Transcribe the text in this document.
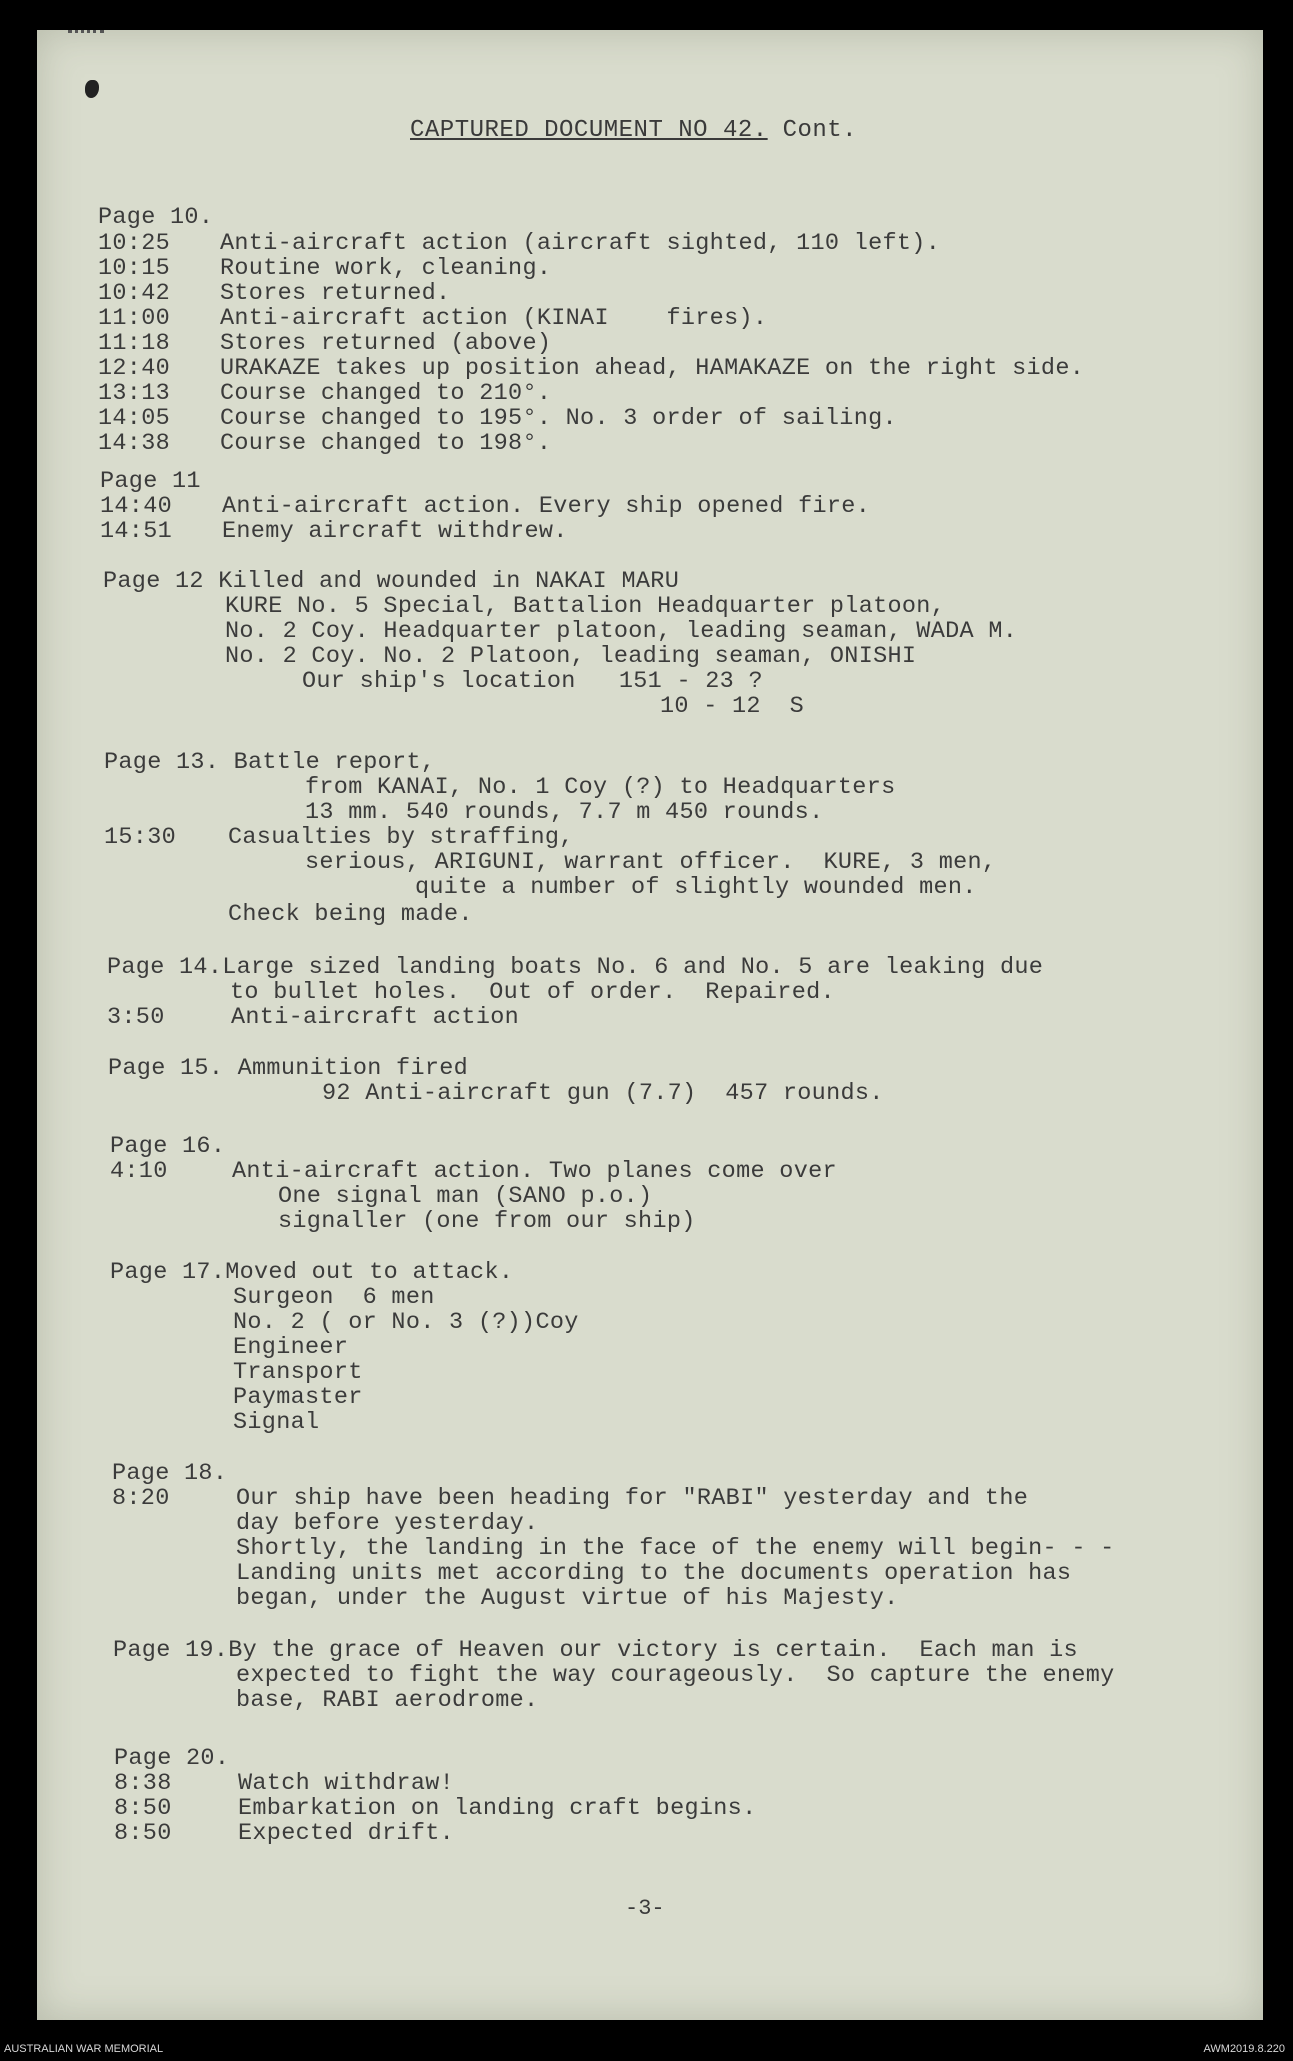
CAPTURED DOCUMENT NO 42. Cont.
Page 10.
10:25 Anti-aircraft action (aircraft sighted, 110 left).
10:15 Routine work, cleaning.
10:42 Stores returned.
11:00 Anti-aircraft action (KINAI    fires).
11:18 Stores returned (above)
12:40 URAKAZE takes up position ahead, HAMAKAZE on the right side.
13:13 Course changed to 210°.
14:05 Course changed to 195°. No. 3 order of sailing.
14:38 Course changed to 198°.
Page 11
14:40 Anti-aircraft action. Every ship opened fire.
14:51 Enemy aircraft withdrew.
Page 12 Killed and wounded in NAKAI MARU
KURE No. 5 Special, Battalion Headquarter platoon,
No. 2 Coy. Headquarter platoon, leading seaman, WADA M.
No. 2 Coy. No. 2 Platoon, leading seaman, ONISHI
Our ship's location   151 - 23 ?
10 - 12  S
Page 13. Battle report,
from KANAI, No. 1 Coy (?) to Headquarters
13 mm. 540 rounds, 7.7 m 450 rounds.
15:30 Casualties by straffing,
serious, ARIGUNI, warrant officer.  KURE, 3 men,
quite a number of slightly wounded men.
Check being made.
Page 14.Large sized landing boats No. 6 and No. 5 are leaking due
to bullet holes.  Out of order.  Repaired.
3:50	Anti-aircraft action
Page 15. Ammunition fired
92 Anti-aircraft gun (7.7)  457 rounds.
Page 16.
4:10	Anti-aircraft action. Two planes come over
One signal man (SANO p.o.)
signaller (one from our ship)
Page 17.Moved out to attack.
Surgeon  6 men
No. 2 ( or No. 3 (?))Coy
Engineer
Transport
Paymaster
Signal
Page 18.
8:20	Our ship have been heading for "RABI" yesterday and the
day before yesterday.
Shortly, the landing in the face of the enemy will begin- - -
Landing units met according to the documents operation has
began, under the August virtue of his Majesty.
Page 19.By the grace of Heaven our victory is certain.  Each man is
expected to fight the way courageously.  So capture the enemy
base, RABI aerodrome.
Page 20.
8:38	Watch withdraw!
8:50	Embarkation on landing craft begins.
8:50	Expected drift.
-3-
AUSTRALIAN WAR MEMORIAL	AWM2019.8.220
